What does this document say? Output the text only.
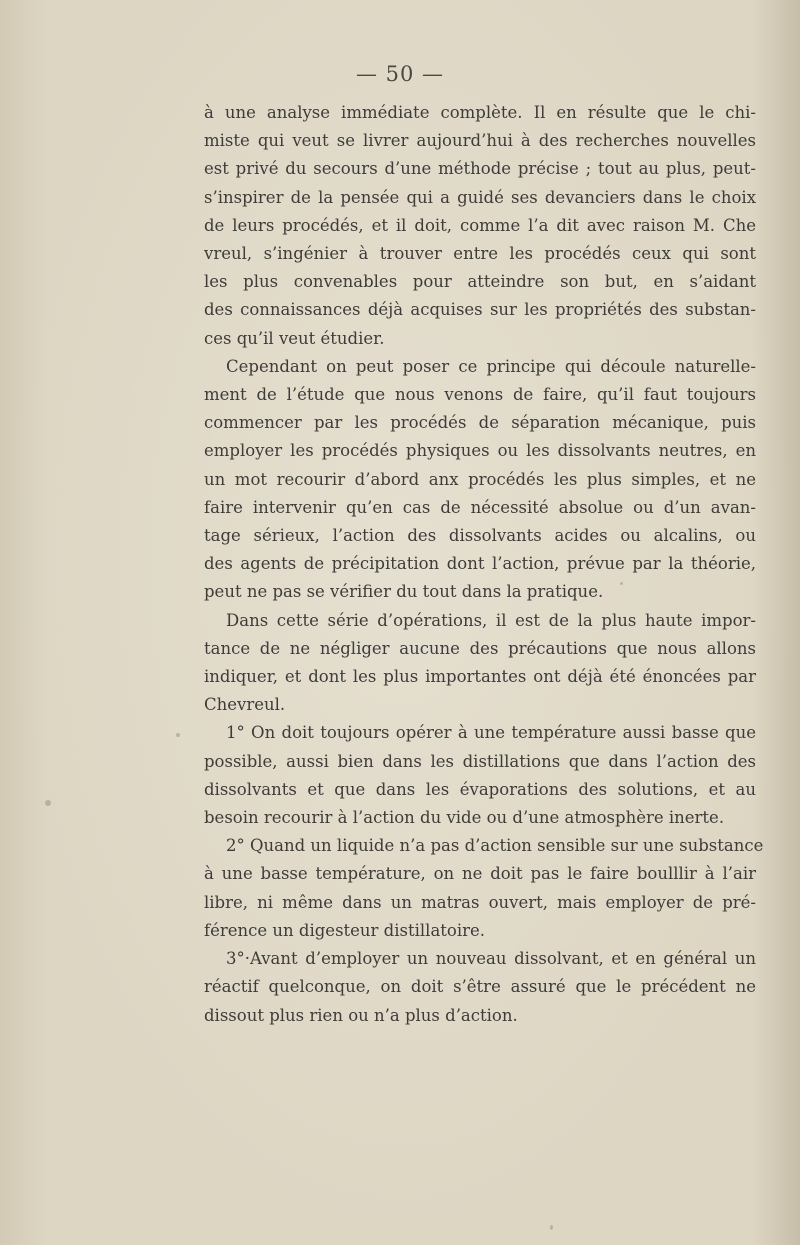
— 50 —

à une analyse immédiate complète. Il en résulte que le chi-
miste qui veut se livrer aujourd’hui à des recherches nouvelles
est privé du secours d’une méthode précise ; tout au plus, peut-
s’inspirer de la pensée qui a guidé ses devanciers dans le choix
de leurs procédés, et il doit, comme l’a dit avec raison M. Che
vreul, s’ingénier à trouver entre les procédés ceux qui sont
les plus convenables pour atteindre son but, en s’aidant
des connaissances déjà acquises sur les propriétés des substan-
ces qu’il veut étudier.

Cependant on peut poser ce principe qui découle naturelle-
ment de l’étude que nous venons de faire, qu’il faut toujours
commencer par les procédés de séparation mécanique, puis
employer les procédés physiques ou les dissolvants neutres, en
un mot recourir d’abord anx procédés les plus simples, et ne
faire intervenir qu’en cas de nécessité absolue ou d’un avan-
tage sérieux, l’action des dissolvants acides ou alcalins, ou
des agents de précipitation dont l’action, prévue par la théorie,
peut ne pas se vérifier du tout dans la pratique.

Dans cette série d’opérations, il est de la plus haute impor-
tance de ne négliger aucune des précautions que nous allons
indiquer, et dont les plus importantes ont déjà été énoncées par
Chevreul.

1° On doit toujours opérer à une température aussi basse que
possible, aussi bien dans les distillations que dans l’action des
dissolvants et que dans les évaporations des solutions, et au
besoin recourir à l’action du vide ou d’une atmosphère inerte.

2° Quand un liquide n’a pas d’action sensible sur une substance
à une basse température, on ne doit pas le faire boulllir à l’air
libre, ni même dans un matras ouvert, mais employer de pré-
férence un digesteur distillatoire.

3°·Avant d’employer un nouveau dissolvant, et en général un
réactif quelconque, on doit s’être assuré que le précédent ne
dissout plus rien ou n’a plus d’action.
